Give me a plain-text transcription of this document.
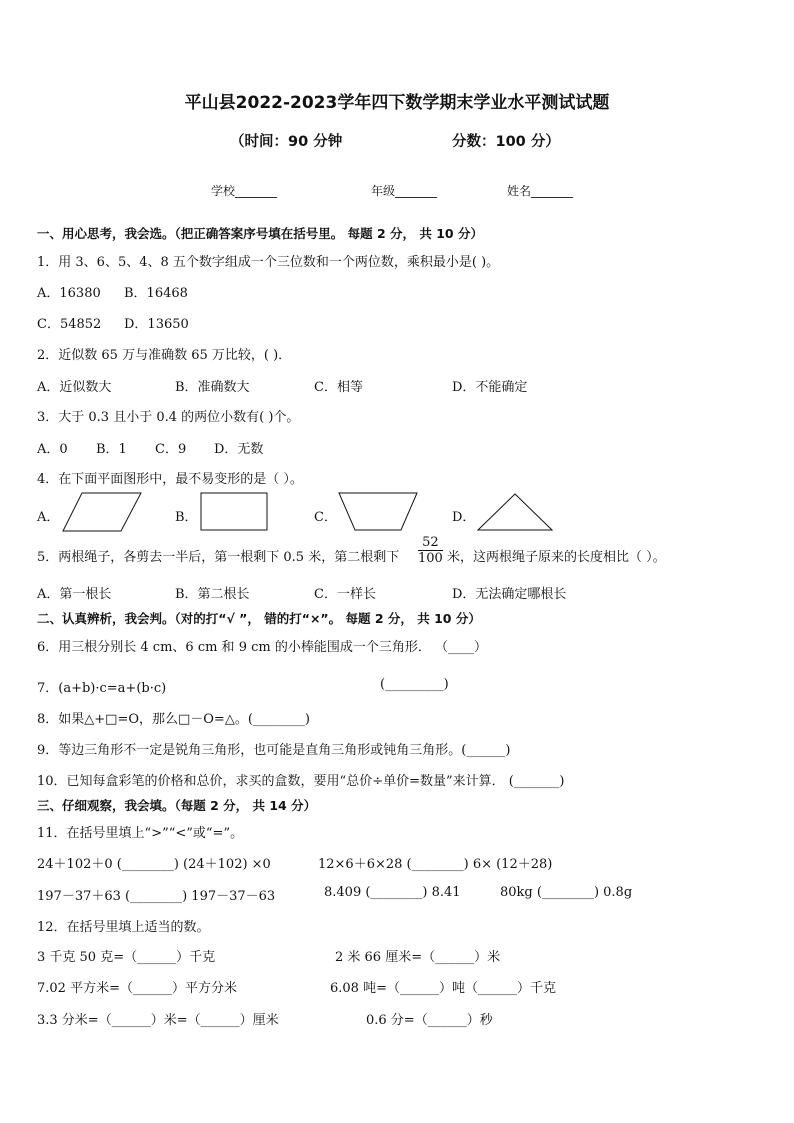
平山县2022-2023学年四下数学期末学业水平测试试题
（时间：90 分钟	分数：100 分）
学校_______	年级_______	姓名_______
一、用心思考，我会选。（把正确答案序号填在括号里。 每题 2 分， 共 10 分）
1．用 3、6、5、4、8 五个数字组成一个三位数和一个两位数，乘积最小是( )。
A．16380 B．16468
C．54852 D．13650
2．近似数 65 万与准确数 65 万比较，( )．
A．近似数大	B．准确数大	C．相等	D．不能确定
3．大于 0.3 且小于 0.4 的两位小数有( )个。
A．0 B．1 C．9 D．无数
4．在下面平面图形中，最不易变形的是（ ）。
A．	B．	C．	D．
5．两根绳子，各剪去一半后，第一根剩下 0.5 米，第二根剩下 $\frac{52}{100}$ 米，这两根绳子原来的长度相比（ ）。
A．第一根长	B．第二根长	C．一样长	D．无法确定哪根长
二、认真辨析，我会判。（对的打“√ ”， 错的打“×”。 每题 2 分， 共 10 分）
6．用三根分别长 4 cm、6 cm 和 9 cm 的小棒能围成一个三角形． （____）
7．(a+b)·c=a+(b·c)	(_________)
8．如果△+□=O，那么□－O=△。(________)
9．等边三角形不一定是锐角三角形，也可能是直角三角形或钝角三角形。(______)
10．已知每盒彩笔的价格和总价，求买的盒数，要用“总价÷单价=数量”来计算． (_______)
三、仔细观察，我会填。（每题 2 分， 共 14 分）
11．在括号里填上“>”“<”或“=”。
24＋102＋0 (________) (24＋102) ×0	12×6＋6×28 (________) 6× (12＋28)
197－37＋63 (________) 197－37－63	8.409 (________) 8.41	80kg (________) 0.8g
12．在括号里填上适当的数。
3 千克 50 克=（______）千克	2 米 66 厘米=（______）米
7.02 平方米=（______）平方分米	6.08 吨=（______）吨（______）千克
3.3 分米=（______）米=（______）厘米	0.6 分=（______）秒
